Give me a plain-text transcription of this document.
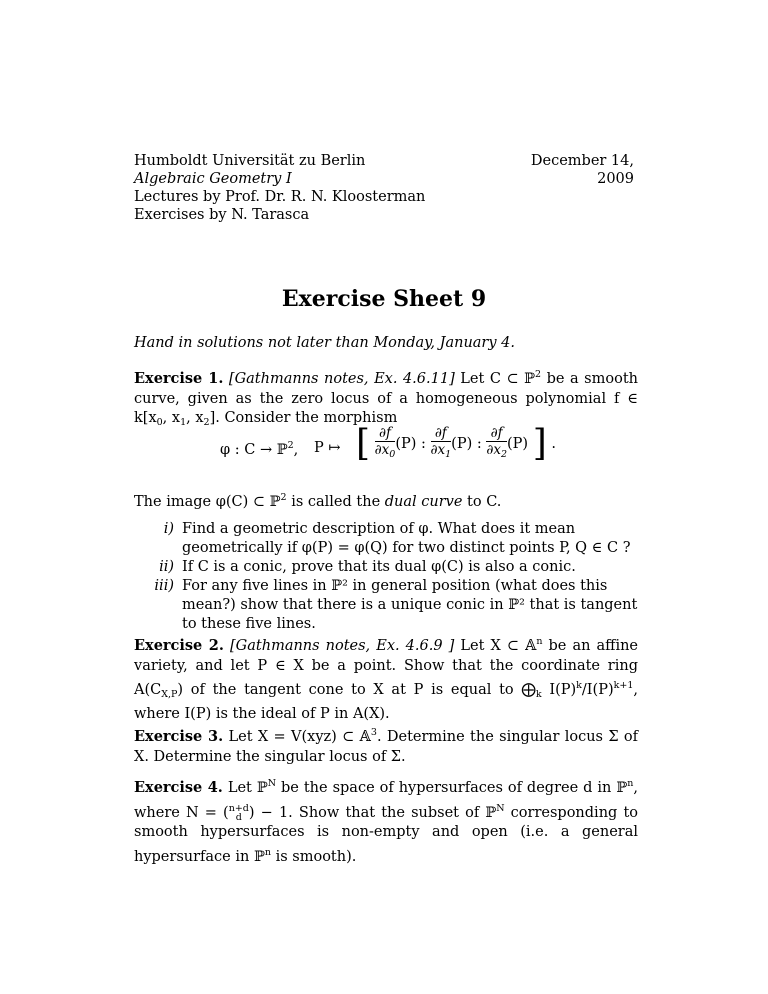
Humboldt Universität zu Berlin
Algebraic Geometry I
Lectures by Prof. Dr. R. N. Kloosterman
Exercises by N. Tarasca
December 14, 2009
Exercise Sheet 9
Hand in solutions not later than Monday, January 4.
Exercise 1. [Gathmanns notes, Ex. 4.6.11] Let C ⊂ ℙ$^2$ be a smooth curve, given as the zero locus of a homogeneous polynomial f ∈ $k[x_0$, $x_1$, $x_2$]. Consider the morphism
φ : C → ℙ$^2$, P ↦ [ $\frac{\partial f}{\partial x_0} (P)$ : $\frac{\partial f}{\partial x_1} (P)$ : $\frac{\partial f}{\partial x_2} (P)$ ] .
The image φ(C) ⊂ ℙ$^2$ is called the dual curve to C.
i) Find a geometric description of φ. What does it mean geometrically if φ(P) = φ(Q) for two distinct points P, Q ∈ C ?
ii) If C is a conic, prove that its dual φ(C) is also a conic.
iii) For any five lines in ℙ² in general position (what does this mean?) show that there is a unique conic in ℙ² that is tangent to these five lines.
Exercise 2. [Gathmanns notes, Ex. 4.6.9 ] Let X ⊂ 𝔸$^n$ be an affine variety, and let P ∈ X be a point. Show that the coordinate ring $A(C_{X,P})$ of the tangent cone to X at P is equal to $⨁_k$ $I(P)^k/I(P)^{k+1}$, where I(P) is the ideal of P in A(X).
Exercise 3. Let X = V(xyz) ⊂ 𝔸$^3$. Determine the singular locus Σ of X. Determine the singular locus of Σ.
Exercise 4. Let ℙ$^N$ be the space of hypersurfaces of degree d in ℙ$^n$, where N = ( n+d
d ) − 1. Show that the subset of ℙ$^N$ corresponding to smooth hypersurfaces is non-empty and open (i.e. a general hypersurface in ℙ$^n$ is smooth).
